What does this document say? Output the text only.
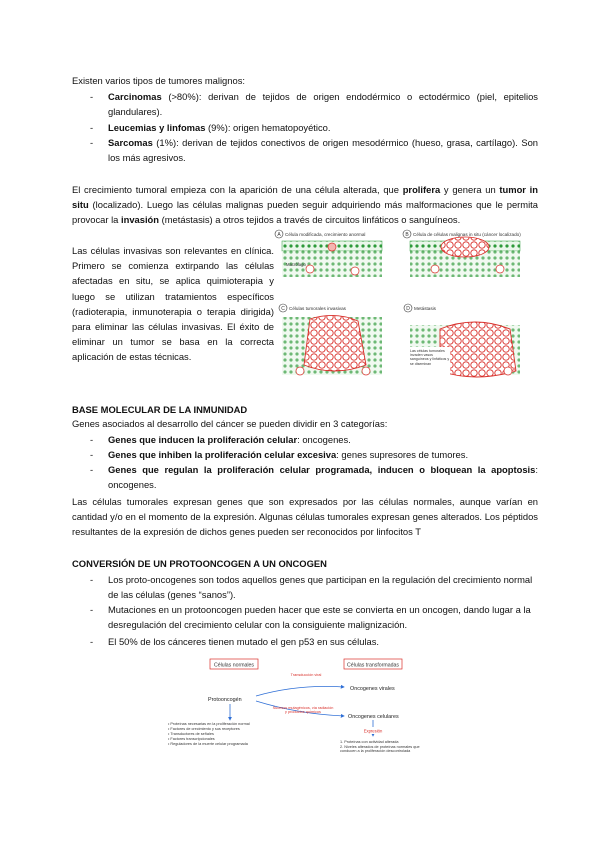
Existen varios tipos de tumores malignos:

- Carcinomas (>80%): derivan de tejidos de origen endodérmico o ectodérmico (piel, epitelios glandulares).
- Leucemias y linfomas (9%): origen hematopoyético.
- Sarcomas (1%): derivan de tejidos conectivos de origen mesodérmico (hueso, grasa, cartílago). Son los más agresivos.

El crecimiento tumoral empieza con la aparición de una célula alterada, que prolifera y genera un tumor in situ (localizado). Luego las células malignas pueden seguir adquiriendo más malformaciones que le permita provocar la invasión (metástasis) a otros tejidos a través de circuitos linfáticos o sanguíneos.

Las células invasivas son relevantes en clínica. Primero se comienza extirpando las células afectadas en situ, se aplica quimioterapia y luego se utilizan tratamientos específicos (radioterapia, inmunoterapia o terapia dirigida) para eliminar las células invasivas. El éxito de eliminar un tumor se basa en la correcta aplicación de estas técnicas.

A Célula modificada, crecimiento anormal
Macrófago
B Célula de células malignas in situ (cáncer localizado)
C Células tumorales invasivas	D Metástasis
Las células tumorales invaden vasos sanguíneos y linfáticos y se diseminan
BASE MOLECULAR DE LA INMUNIDAD

Genes asociados al desarrollo del cáncer se pueden dividir en 3 categorías:

- Genes que inducen la proliferación celular: oncogenes.
- Genes que inhiben la proliferación celular excesiva: genes supresores de tumores.
- Genes que regulan la proliferación celular programada, inducen o bloquean la apoptosis: oncogenes.

Las células tumorales expresan genes que son expresados por las células normales, aunque varían en cantidad y/o en el momento de la expresión. Algunas células tumorales expresan genes alterados. Los péptidos resultantes de la expresión de dichos genes pueden ser reconocidos por linfocitos T

CONVERSIÓN DE UN PROTOONCOGEN A UN ONCOGEN
- Los proto-oncogenes son todos aquellos genes que participan en la regulación del crecimiento normal de las células (genes “sanos”).
- Mutaciones en un protooncogen pueden hacer que este se convierta en un oncogen, dando lugar a la desregulación del crecimiento celular con la consiguiente malignización.
- El 50% de los cánceres tienen mutado el gen p53 en sus células.
Células normales	Células transformadas
Protooncogén
Oncogenes virales
Oncogenes celulares
Transducción viral
Sucesos mutagénicos, vía radiación y productos químicos
Expresión
• Proteínas necesarias en la proliferación normal
• Factores de crecimiento y sus receptores
• Transductores de señales
• Factores transcripcionales
• Reguladores de la muerte celular programada
1. Proteínas con actividad alterada
2. Niveles alterados de proteínas normales que conducen a la proliferación descontrolada
